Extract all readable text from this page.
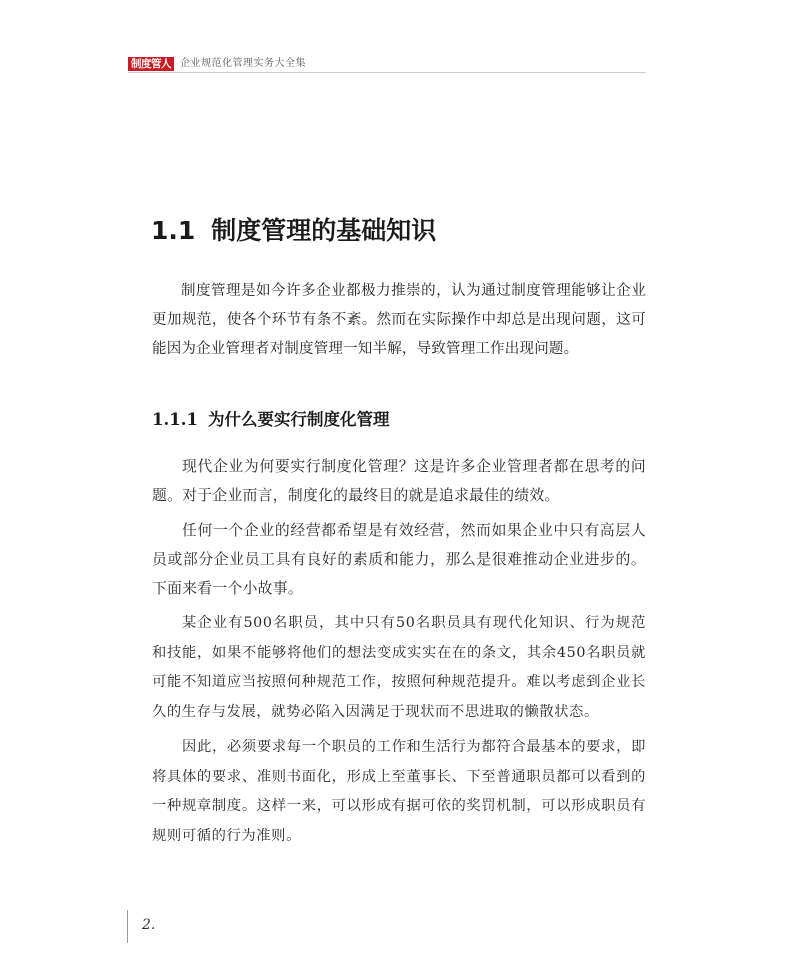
制度管人 企业规范化管理实务大全集
1.1 制度管理的基础知识

制度管理是如今许多企业都极力推崇的，认为通过制度管理能够让企业更加规范，使各个环节有条不紊。然而在实际操作中却总是出现问题，这可能因为企业管理者对制度管理一知半解，导致管理工作出现问题。

1.1.1 为什么要实行制度化管理

现代企业为何要实行制度化管理？这是许多企业管理者都在思考的问题。对于企业而言，制度化的最终目的就是追求最佳的绩效。

任何一个企业的经营都希望是有效经营，然而如果企业中只有高层人员或部分企业员工具有良好的素质和能力，那么是很难推动企业进步的。下面来看一个小故事。

某企业有500名职员，其中只有50名职员具有现代化知识、行为规范和技能，如果不能够将他们的想法变成实实在在的条文，其余450名职员就可能不知道应当按照何种规范工作，按照何种规范提升。难以考虑到企业长久的生存与发展，就势必陷入因满足于现状而不思进取的懒散状态。

因此，必须要求每一个职员的工作和生活行为都符合最基本的要求，即将具体的要求、准则书面化，形成上至董事长、下至普通职员都可以看到的一种规章制度。这样一来，可以形成有据可依的奖罚机制，可以形成职员有规则可循的行为准则。

2.
